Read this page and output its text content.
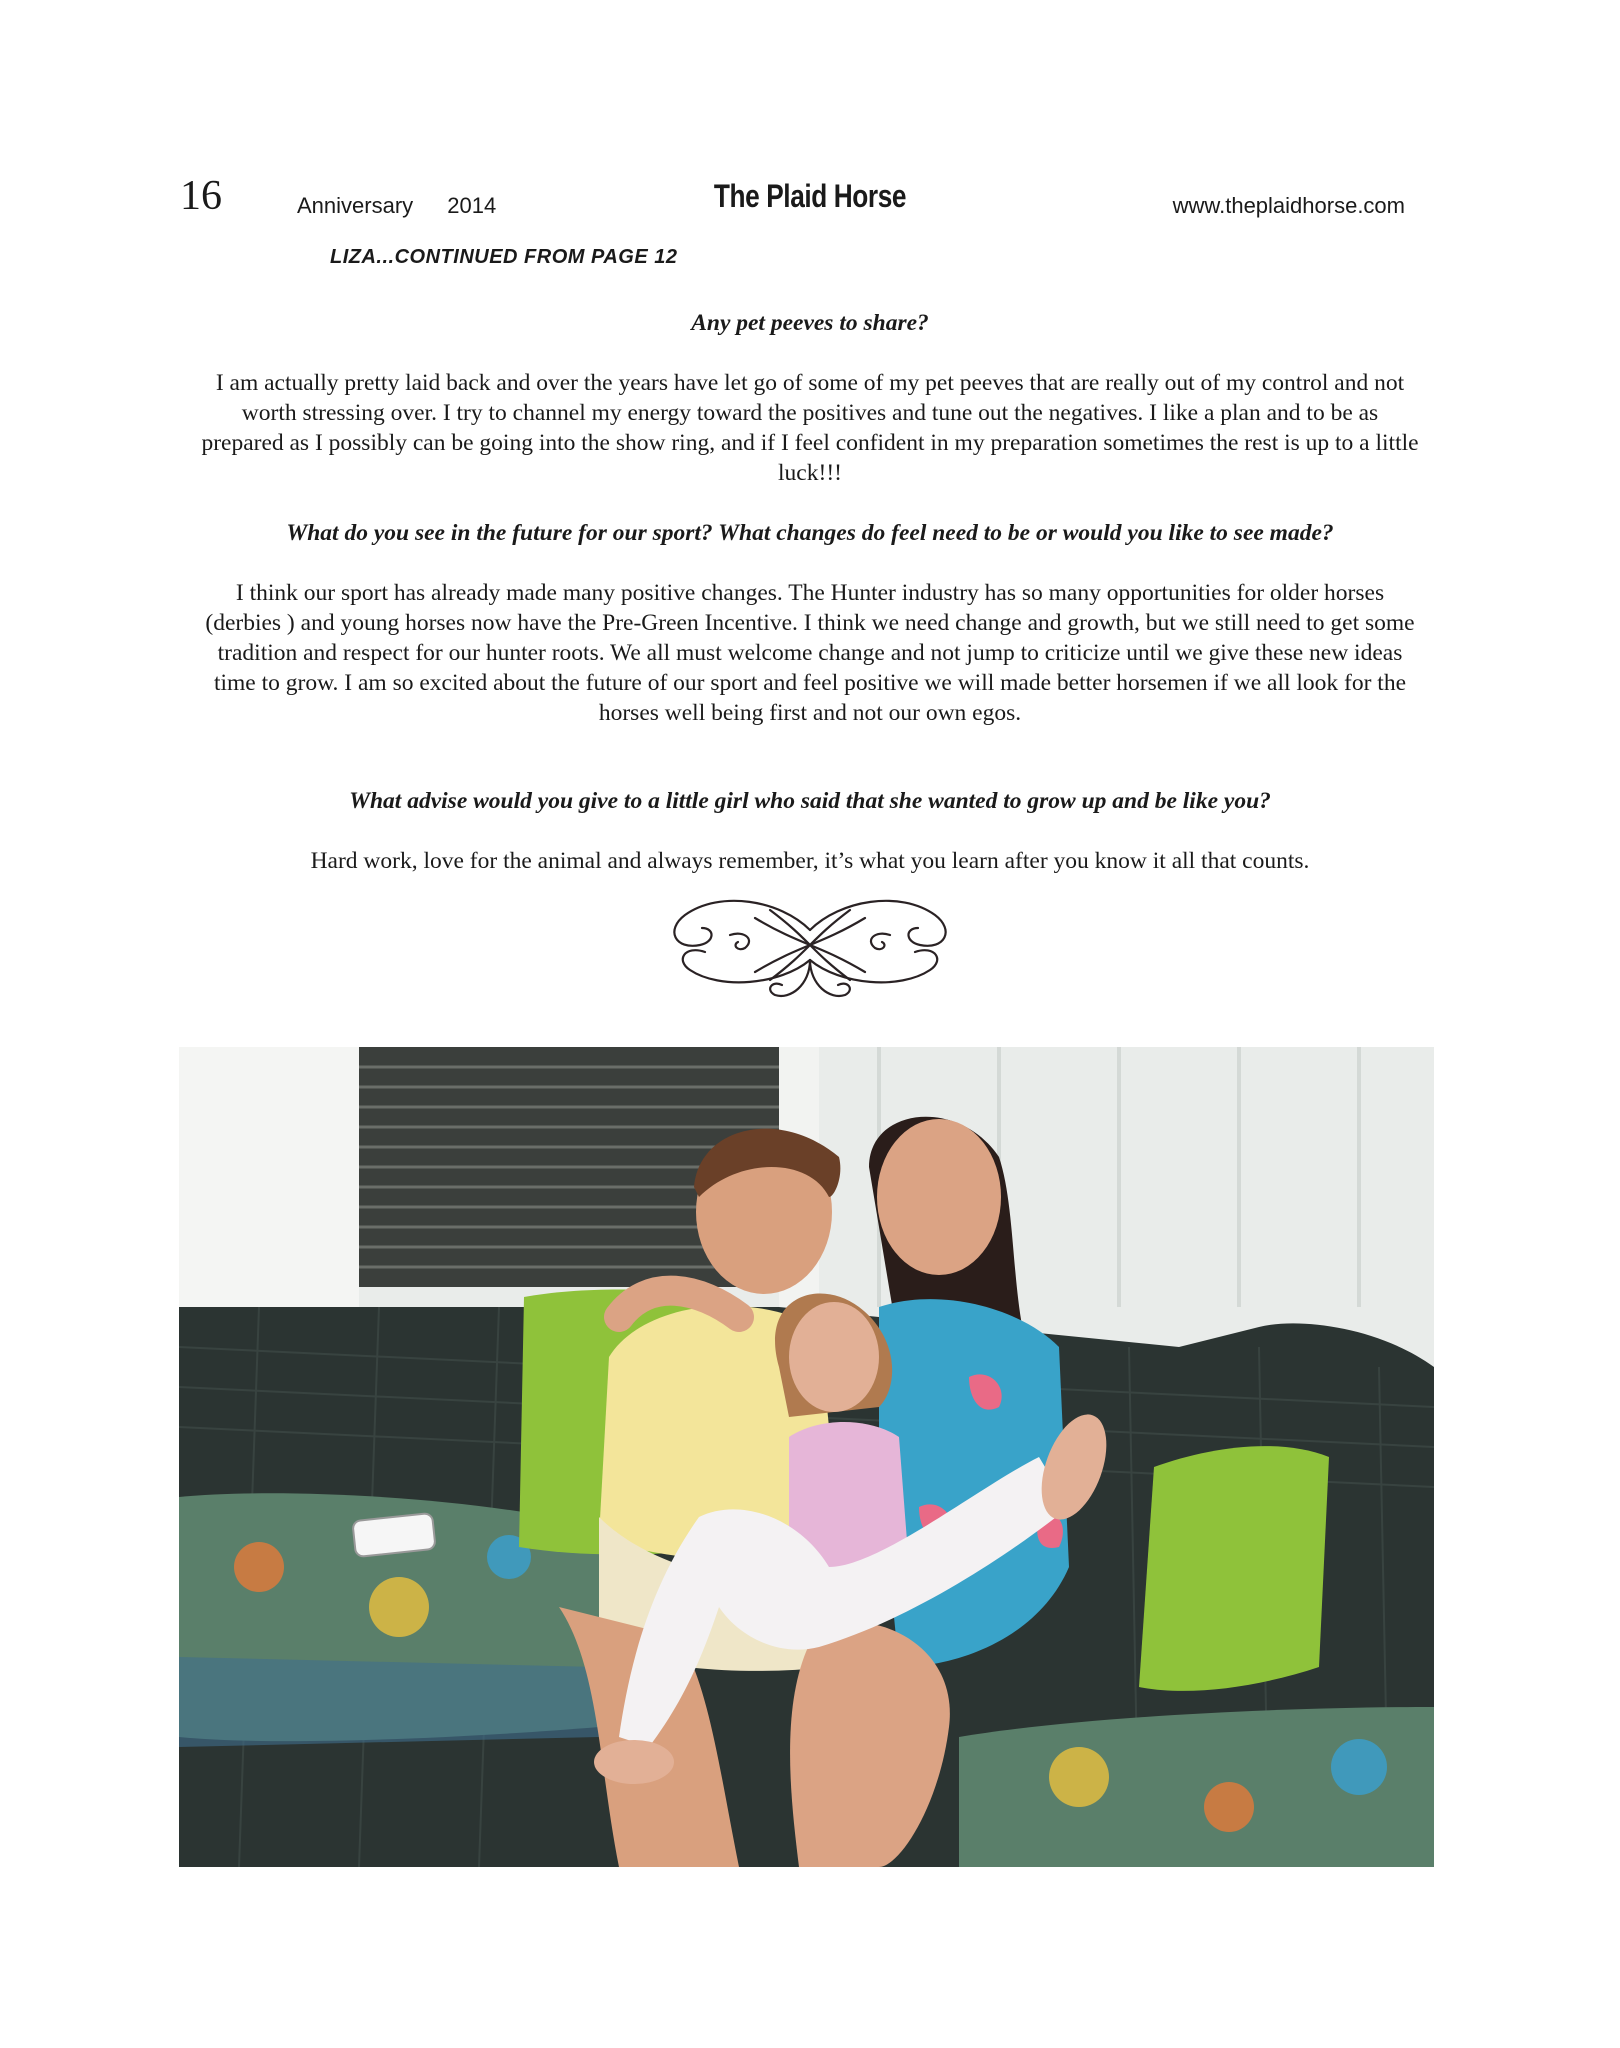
16	Anniversary 2014	The Plaid Horse	www.theplaidhorse.com
LIZA...CONTINUED FROM PAGE 12

Any pet peeves to share?

I am actually pretty laid back and over the years have let go of some of my pet peeves that are really out of my control and not worth stressing over. I try to channel my energy toward the positives and tune out the negatives. I like a plan and to be as prepared as I possibly can be going into the show ring, and if I feel confident in my preparation sometimes the rest is up to a little luck!!!

What do you see in the future for our sport? What changes do feel need to be or would you like to see made?

I think our sport has already made many positive changes. The Hunter industry has so many opportunities for older horses (derbies ) and young horses now have the Pre-Green Incentive. I think we need change and growth, but we still need to get some tradition and respect for our hunter roots. We all must welcome change and not jump to criticize until we give these new ideas time to grow. I am so excited about the future of our sport and feel positive we will made better horsemen if we all look for the horses well being first and not our own egos.

What advise would you give to a little girl who said that she wanted to grow up and be like you?

Hard work, love for the animal and always remember, it’s what you learn after you know it all that counts.
